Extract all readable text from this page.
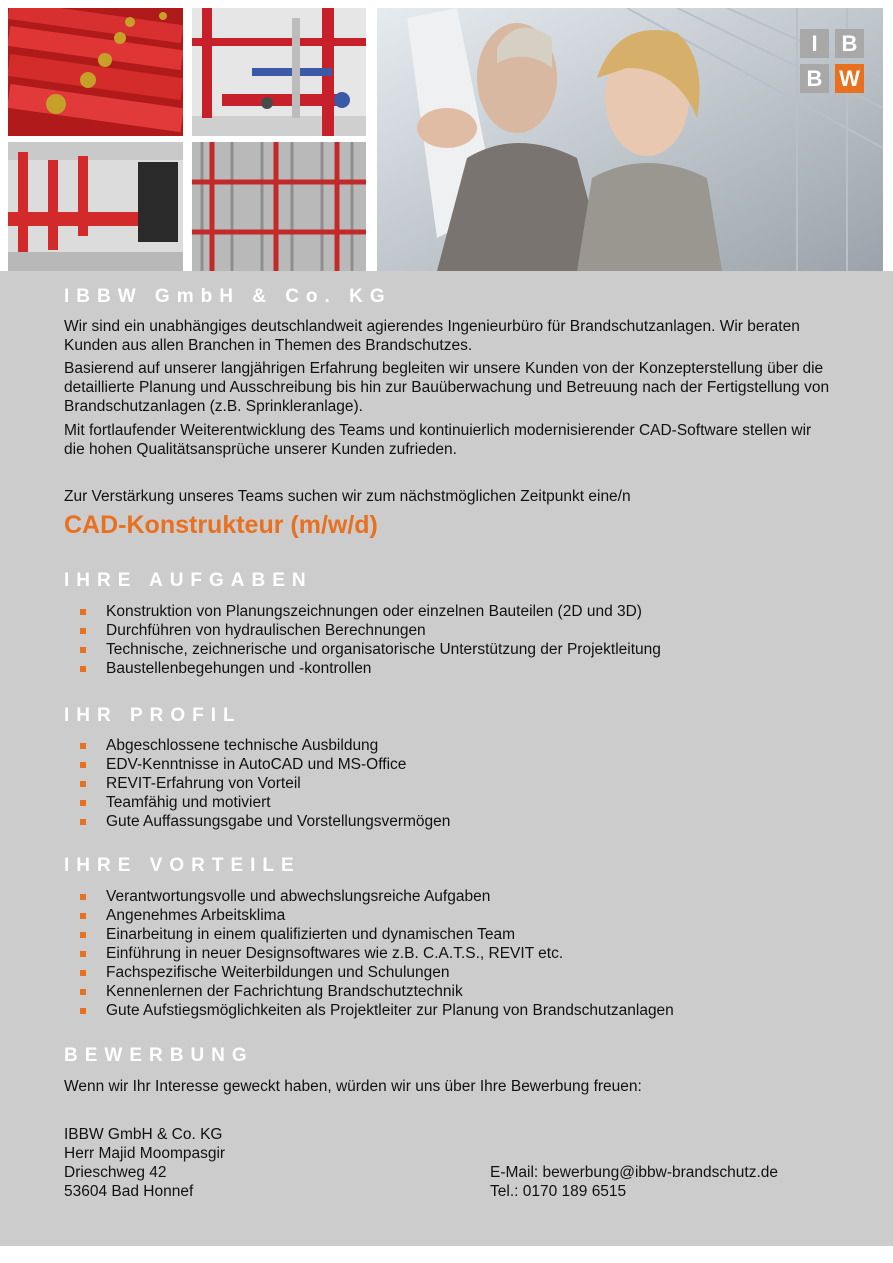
I	B
B W
IBBW GmbH & Co. KG

Wir sind ein unabhängiges deutschlandweit agierendes Ingenieurbüro für Brandschutzanlagen. Wir beraten Kunden aus allen Branchen in Themen des Brandschutzes.

Basierend auf unserer langjährigen Erfahrung begleiten wir unsere Kunden von der Konzepterstellung über die detaillierte Planung und Ausschreibung bis hin zur Bauüberwachung und Betreuung nach der Fertigstellung von Brandschutzanlagen (z.B. Sprinkleranlage).

Mit fortlaufender Weiterentwicklung des Teams und kontinuierlich modernisierender CAD-Software stellen wir die hohen Qualitätsansprüche unserer Kunden zufrieden.

Zur Verstärkung unseres Teams suchen wir zum nächstmöglichen Zeitpunkt eine/n

CAD-Konstrukteur (m/w/d)
IHRE AUFGABEN
Konstruktion von Planungszeichnungen oder einzelnen Bauteilen (2D und 3D)
Durchführen von hydraulischen Berechnungen
Technische, zeichnerische und organisatorische Unterstützung der Projektleitung
Baustellenbegehungen und -kontrollen
IHR PROFIL
Abgeschlossene technische Ausbildung
EDV-Kenntnisse in AutoCAD und MS-Office
REVIT-Erfahrung von Vorteil
Teamfähig und motiviert
Gute Auffassungsgabe und Vorstellungsvermögen
IHRE VORTEILE
Verantwortungsvolle und abwechslungsreiche Aufgaben
Angenehmes Arbeitsklima
Einarbeitung in einem qualifizierten und dynamischen Team
Einführung in neuer Designsoftwares wie z.B. C.A.T.S., REVIT etc.
Fachspezifische Weiterbildungen und Schulungen
Kennenlernen der Fachrichtung Brandschutztechnik
Gute Aufstiegsmöglichkeiten als Projektleiter zur Planung von Brandschutzanlagen
BEWERBUNG

Wenn wir Ihr Interesse geweckt haben, würden wir uns über Ihre Bewerbung freuen:

IBBW GmbH & Co. KG
Herr Majid Moompasgir
Drieschweg 42
53604 Bad Honnef
E-Mail: bewerbung@ibbw-brandschutz.de
Tel.: 0170 189 6515
